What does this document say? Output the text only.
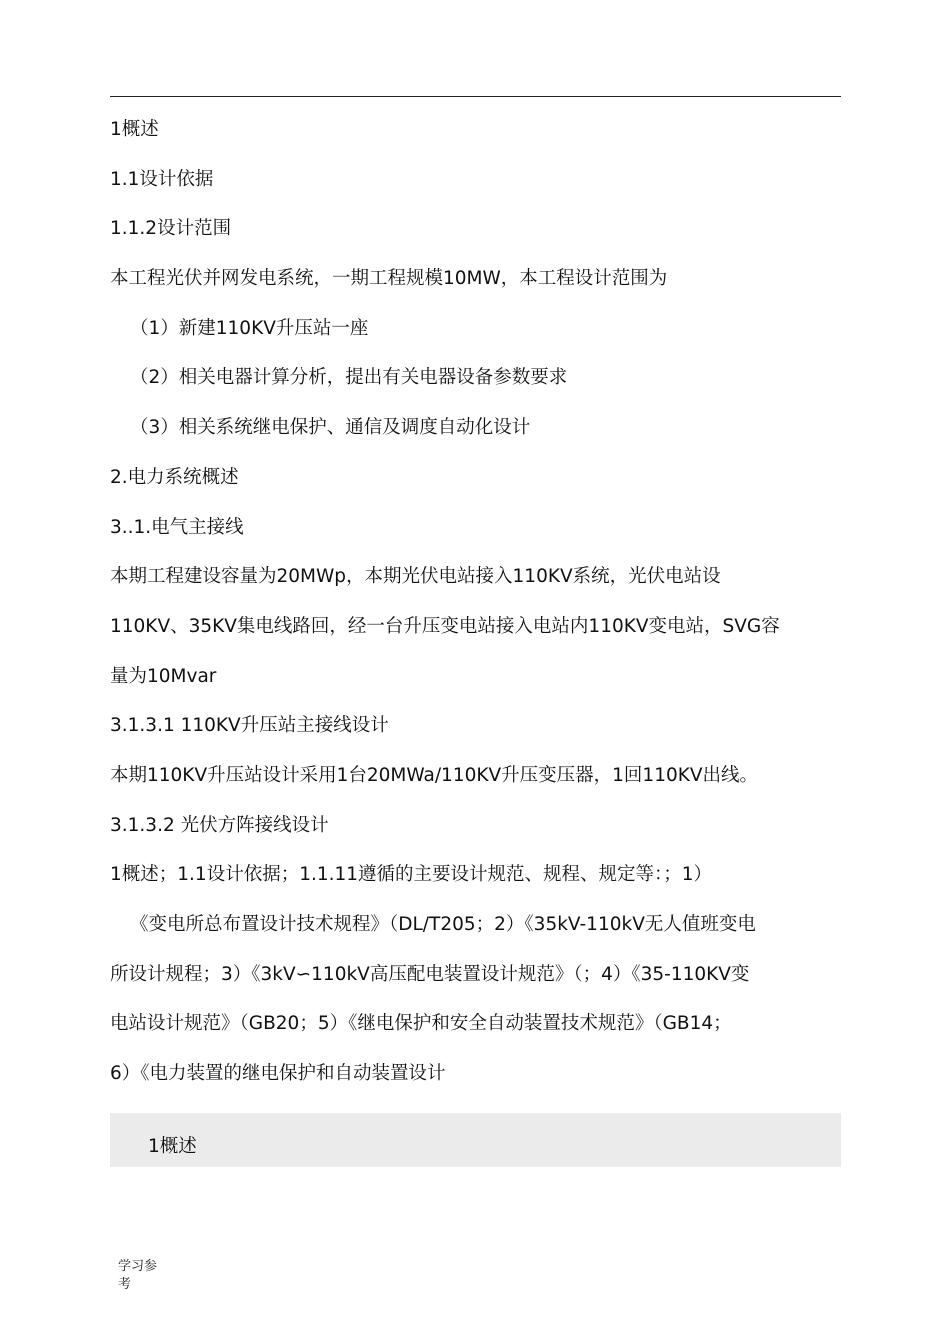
1概述
1.1设计依据
1.1.2设计范围
本工程光伏并网发电系统，一期工程规模10MW，本工程设计范围为
（1）新建110KV升压站一座
（2）相关电器计算分析，提出有关电器设备参数要求
（3）相关系统继电保护、通信及调度自动化设计
2.电力系统概述
3..1.电气主接线
本期工程建设容量为20MWp，本期光伏电站接入110KV系统，光伏电站设
110KV、35KV集电线路回，经一台升压变电站接入电站内110KV变电站，SVG容
量为10Mvar
3.1.3.1 110KV升压站主接线设计
本期110KV升压站设计采用1台20MWa/110KV升压变压器，1回110KV出线。
3.1.3.2 光伏方阵接线设计
1概述；1.1设计依据；1.1.11遵循的主要设计规范、规程、规定等：；1）
《变电所总布置设计技术规程》（DL/T205；2）《35kV-110kV无人值班变电
所设计规程；3）《3kV∽110kV高压配电装置设计规范》（；4）《35-110KV变
电站设计规范》（GB20；5）《继电保护和安全自动装置技术规范》（GB14；
6）《电力装置的继电保护和自动装置设计
1概述
学习参考
